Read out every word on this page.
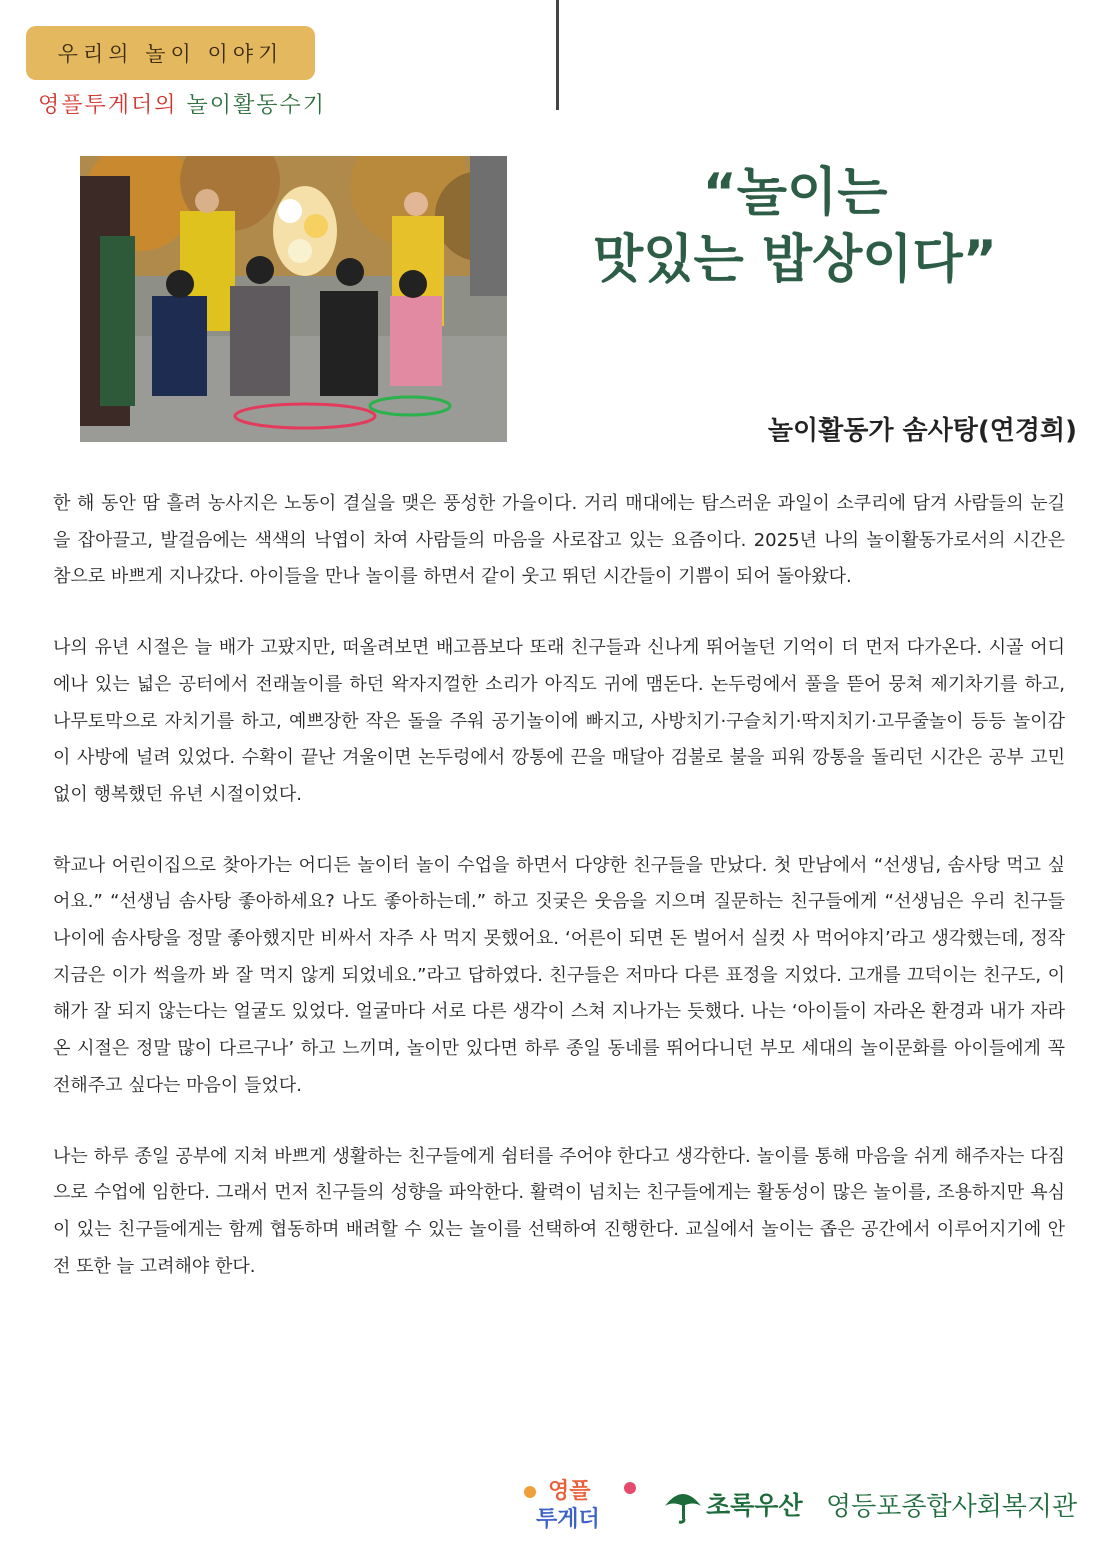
우리의 놀이 이야기
영플투게더의 놀이활동수기
“놀이는
맛있는 밥상이다”
놀이활동가 솜사탕(연경희)

한 해 동안 땀 흘려 농사지은 노동이 결실을 맺은 풍성한 가을이다. 거리 매대에는 탐스러운 과일이 소쿠리에 담겨 사람들의 눈길을 잡아끌고, 발걸음에는 색색의 낙엽이 차여 사람들의 마음을 사로잡고 있는 요즘이다. 2025년 나의 놀이활동가로서의 시간은 참으로 바쁘게 지나갔다. 아이들을 만나 놀이를 하면서 같이 웃고 뛰던 시간들이 기쁨이 되어 돌아왔다.

나의 유년 시절은 늘 배가 고팠지만, 떠올려보면 배고픔보다 또래 친구들과 신나게 뛰어놀던 기억이 더 먼저 다가온다. 시골 어디에나 있는 넓은 공터에서 전래놀이를 하던 왁자지껄한 소리가 아직도 귀에 맴돈다. 논두렁에서 풀을 뜯어 뭉쳐 제기차기를 하고, 나무토막으로 자치기를 하고, 예쁘장한 작은 돌을 주워 공기놀이에 빠지고, 사방치기·구슬치기·딱지치기·고무줄놀이 등등 놀이감이 사방에 널려 있었다. 수확이 끝난 겨울이면 논두렁에서 깡통에 끈을 매달아 검불로 불을 피워 깡통을 돌리던 시간은 공부 고민 없이 행복했던 유년 시절이었다.

학교나 어린이집으로 찾아가는 어디든 놀이터 놀이 수업을 하면서 다양한 친구들을 만났다. 첫 만남에서 “선생님, 솜사탕 먹고 싶어요.” “선생님 솜사탕 좋아하세요? 나도 좋아하는데.” 하고 짓궂은 웃음을 지으며 질문하는 친구들에게 “선생님은 우리 친구들 나이에 솜사탕을 정말 좋아했지만 비싸서 자주 사 먹지 못했어요. ‘어른이 되면 돈 벌어서 실컷 사 먹어야지’라고 생각했는데, 정작 지금은 이가 썩을까 봐 잘 먹지 않게 되었네요.”라고 답하였다. 친구들은 저마다 다른 표정을 지었다. 고개를 끄덕이는 친구도, 이해가 잘 되지 않는다는 얼굴도 있었다. 얼굴마다 서로 다른 생각이 스쳐 지나가는 듯했다. 나는 ‘아이들이 자라온 환경과 내가 자라온 시절은 정말 많이 다르구나’ 하고 느끼며, 놀이만 있다면 하루 종일 동네를 뛰어다니던 부모 세대의 놀이문화를 아이들에게 꼭 전해주고 싶다는 마음이 들었다.

나는 하루 종일 공부에 지쳐 바쁘게 생활하는 친구들에게 쉼터를 주어야 한다고 생각한다. 놀이를 통해 마음을 쉬게 해주자는 다짐으로 수업에 임한다. 그래서 먼저 친구들의 성향을 파악한다. 활력이 넘치는 친구들에게는 활동성이 많은 놀이를, 조용하지만 욕심이 있는 친구들에게는 함께 협동하며 배려할 수 있는 놀이를 선택하여 진행한다. 교실에서 놀이는 좁은 공간에서 이루어지기에 안전 또한 늘 고려해야 한다.

영플
투게더	초록우산 영등포종합사회복지관
